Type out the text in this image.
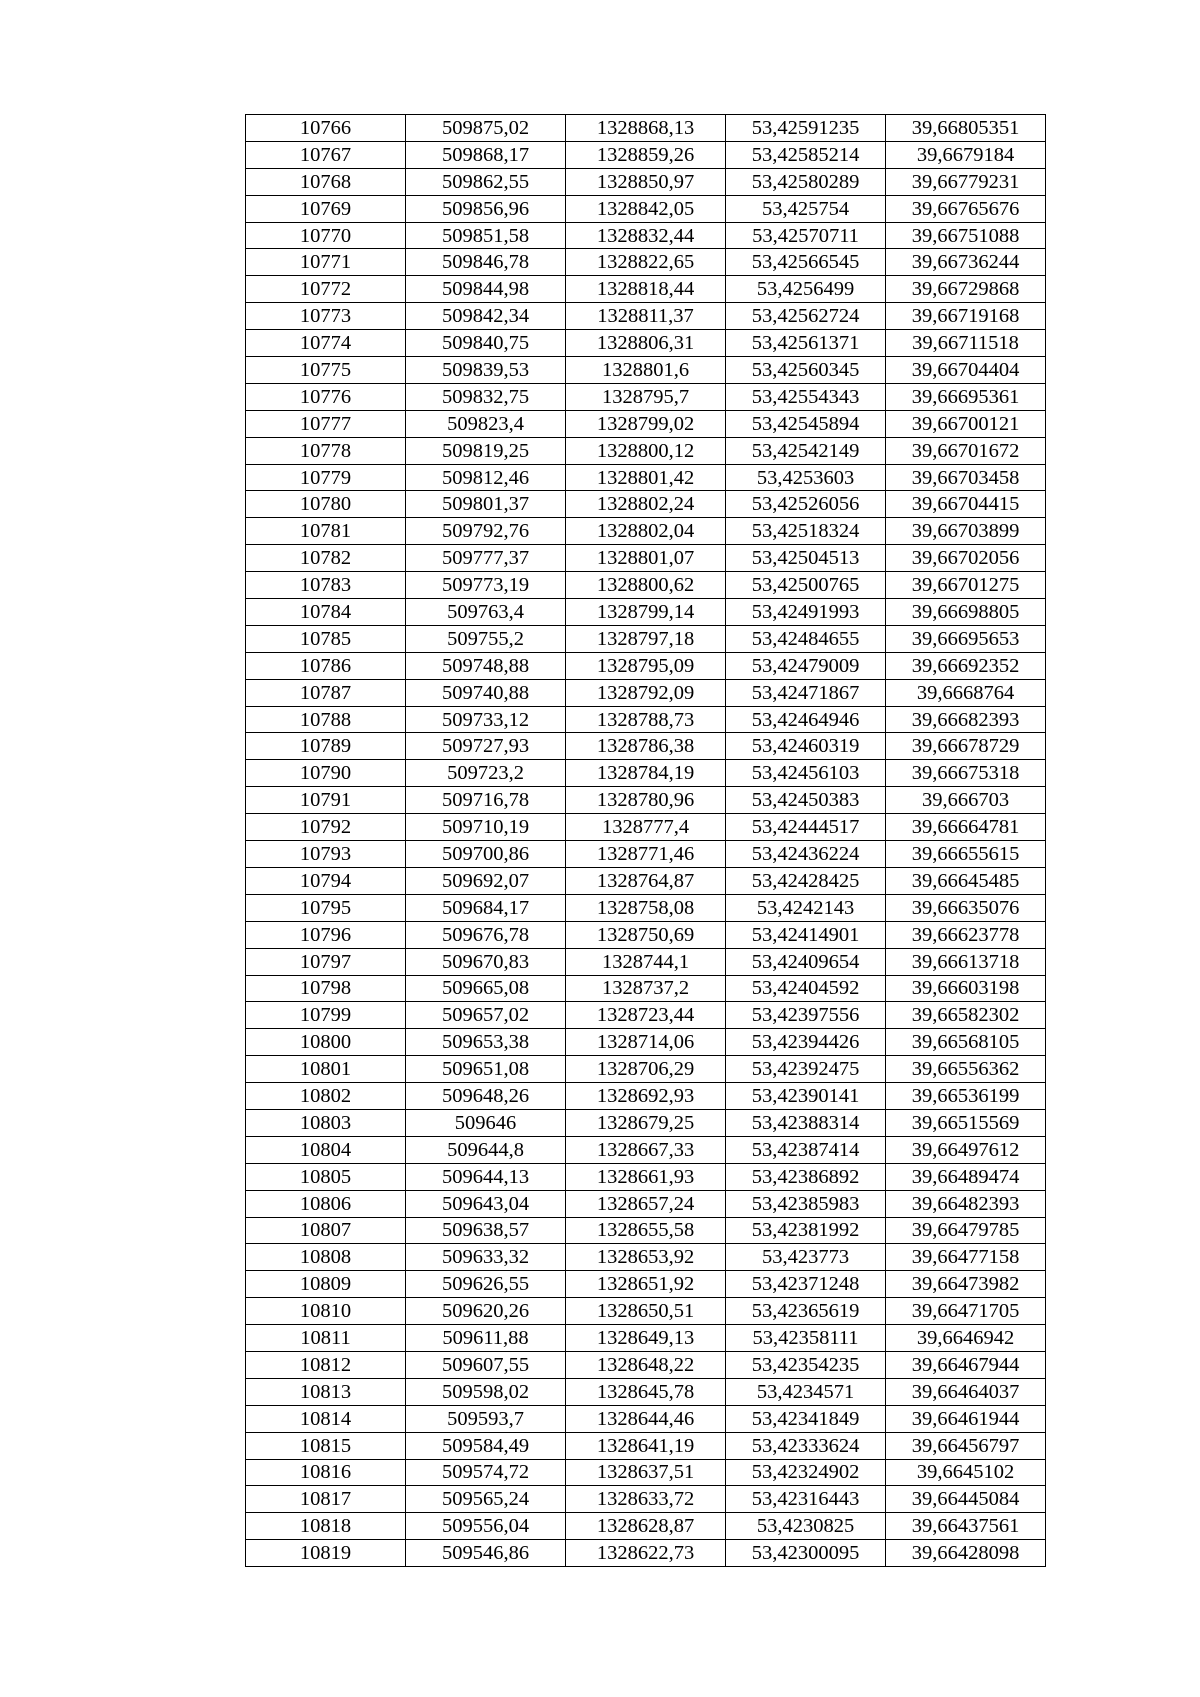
10766	509875,02	1328868,13	53,42591235	39,66805351
10767	509868,17	1328859,26	53,42585214	39,6679184
10768	509862,55	1328850,97	53,42580289	39,66779231
10769	509856,96	1328842,05	53,425754	39,66765676
10770	509851,58	1328832,44	53,42570711	39,66751088
10771	509846,78	1328822,65	53,42566545	39,66736244
10772	509844,98	1328818,44	53,4256499	39,66729868
10773	509842,34	1328811,37	53,42562724	39,66719168
10774	509840,75	1328806,31	53,42561371	39,66711518
10775	509839,53	1328801,6	53,42560345	39,66704404
10776	509832,75	1328795,7	53,42554343	39,66695361
10777	509823,4	1328799,02	53,42545894	39,66700121
10778	509819,25	1328800,12	53,42542149	39,66701672
10779	509812,46	1328801,42	53,4253603	39,66703458
10780	509801,37	1328802,24	53,42526056	39,66704415
10781	509792,76	1328802,04	53,42518324	39,66703899
10782	509777,37	1328801,07	53,42504513	39,66702056
10783	509773,19	1328800,62	53,42500765	39,66701275
10784	509763,4	1328799,14	53,42491993	39,66698805
10785	509755,2	1328797,18	53,42484655	39,66695653
10786	509748,88	1328795,09	53,42479009	39,66692352
10787	509740,88	1328792,09	53,42471867	39,6668764
10788	509733,12	1328788,73	53,42464946	39,66682393
10789	509727,93	1328786,38	53,42460319	39,66678729
10790	509723,2	1328784,19	53,42456103	39,66675318
10791	509716,78	1328780,96	53,42450383	39,666703
10792	509710,19	1328777,4	53,42444517	39,66664781
10793	509700,86	1328771,46	53,42436224	39,66655615
10794	509692,07	1328764,87	53,42428425	39,66645485
10795	509684,17	1328758,08	53,4242143	39,66635076
10796	509676,78	1328750,69	53,42414901	39,66623778
10797	509670,83	1328744,1	53,42409654	39,66613718
10798	509665,08	1328737,2	53,42404592	39,66603198
10799	509657,02	1328723,44	53,42397556	39,66582302
10800	509653,38	1328714,06	53,42394426	39,66568105
10801	509651,08	1328706,29	53,42392475	39,66556362
10802	509648,26	1328692,93	53,42390141	39,66536199
10803	509646	1328679,25	53,42388314	39,66515569
10804	509644,8	1328667,33	53,42387414	39,66497612
10805	509644,13	1328661,93	53,42386892	39,66489474
10806	509643,04	1328657,24	53,42385983	39,66482393
10807	509638,57	1328655,58	53,42381992	39,66479785
10808	509633,32	1328653,92	53,423773	39,66477158
10809	509626,55	1328651,92	53,42371248	39,66473982
10810	509620,26	1328650,51	53,42365619	39,66471705
10811	509611,88	1328649,13	53,42358111	39,6646942
10812	509607,55	1328648,22	53,42354235	39,66467944
10813	509598,02	1328645,78	53,4234571	39,66464037
10814	509593,7	1328644,46	53,42341849	39,66461944
10815	509584,49	1328641,19	53,42333624	39,66456797
10816	509574,72	1328637,51	53,42324902	39,6645102
10817	509565,24	1328633,72	53,42316443	39,66445084
10818	509556,04	1328628,87	53,4230825	39,66437561
10819	509546,86	1328622,73	53,42300095	39,66428098
